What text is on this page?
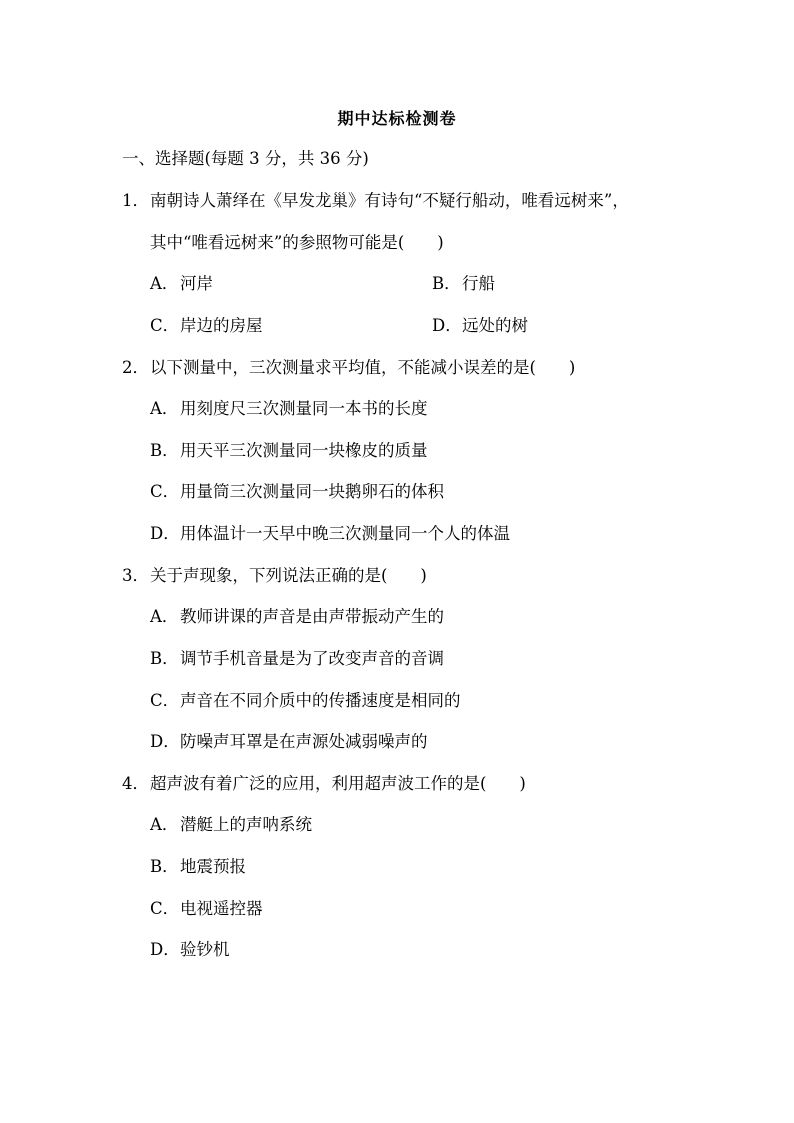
期中达标检测卷
一、选择题(每题 3 分，共 36 分)
1．南朝诗人萧绎在《早发龙巢》有诗句“不疑行船动，唯看远树来”，
其中“唯看远树来”的参照物可能是(　　)
A．河岸	B．行船
C．岸边的房屋	D．远处的树
2．以下测量中，三次测量求平均值，不能减小误差的是(　　)
A．用刻度尺三次测量同一本书的长度
B．用天平三次测量同一块橡皮的质量
C．用量筒三次测量同一块鹅卵石的体积
D．用体温计一天早中晚三次测量同一个人的体温
3．关于声现象，下列说法正确的是(　　)
A．教师讲课的声音是由声带振动产生的
B．调节手机音量是为了改变声音的音调
C．声音在不同介质中的传播速度是相同的
D．防噪声耳罩是在声源处减弱噪声的
4．超声波有着广泛的应用，利用超声波工作的是(　　)
A．潜艇上的声呐系统
B．地震预报
C．电视遥控器
D．验钞机
